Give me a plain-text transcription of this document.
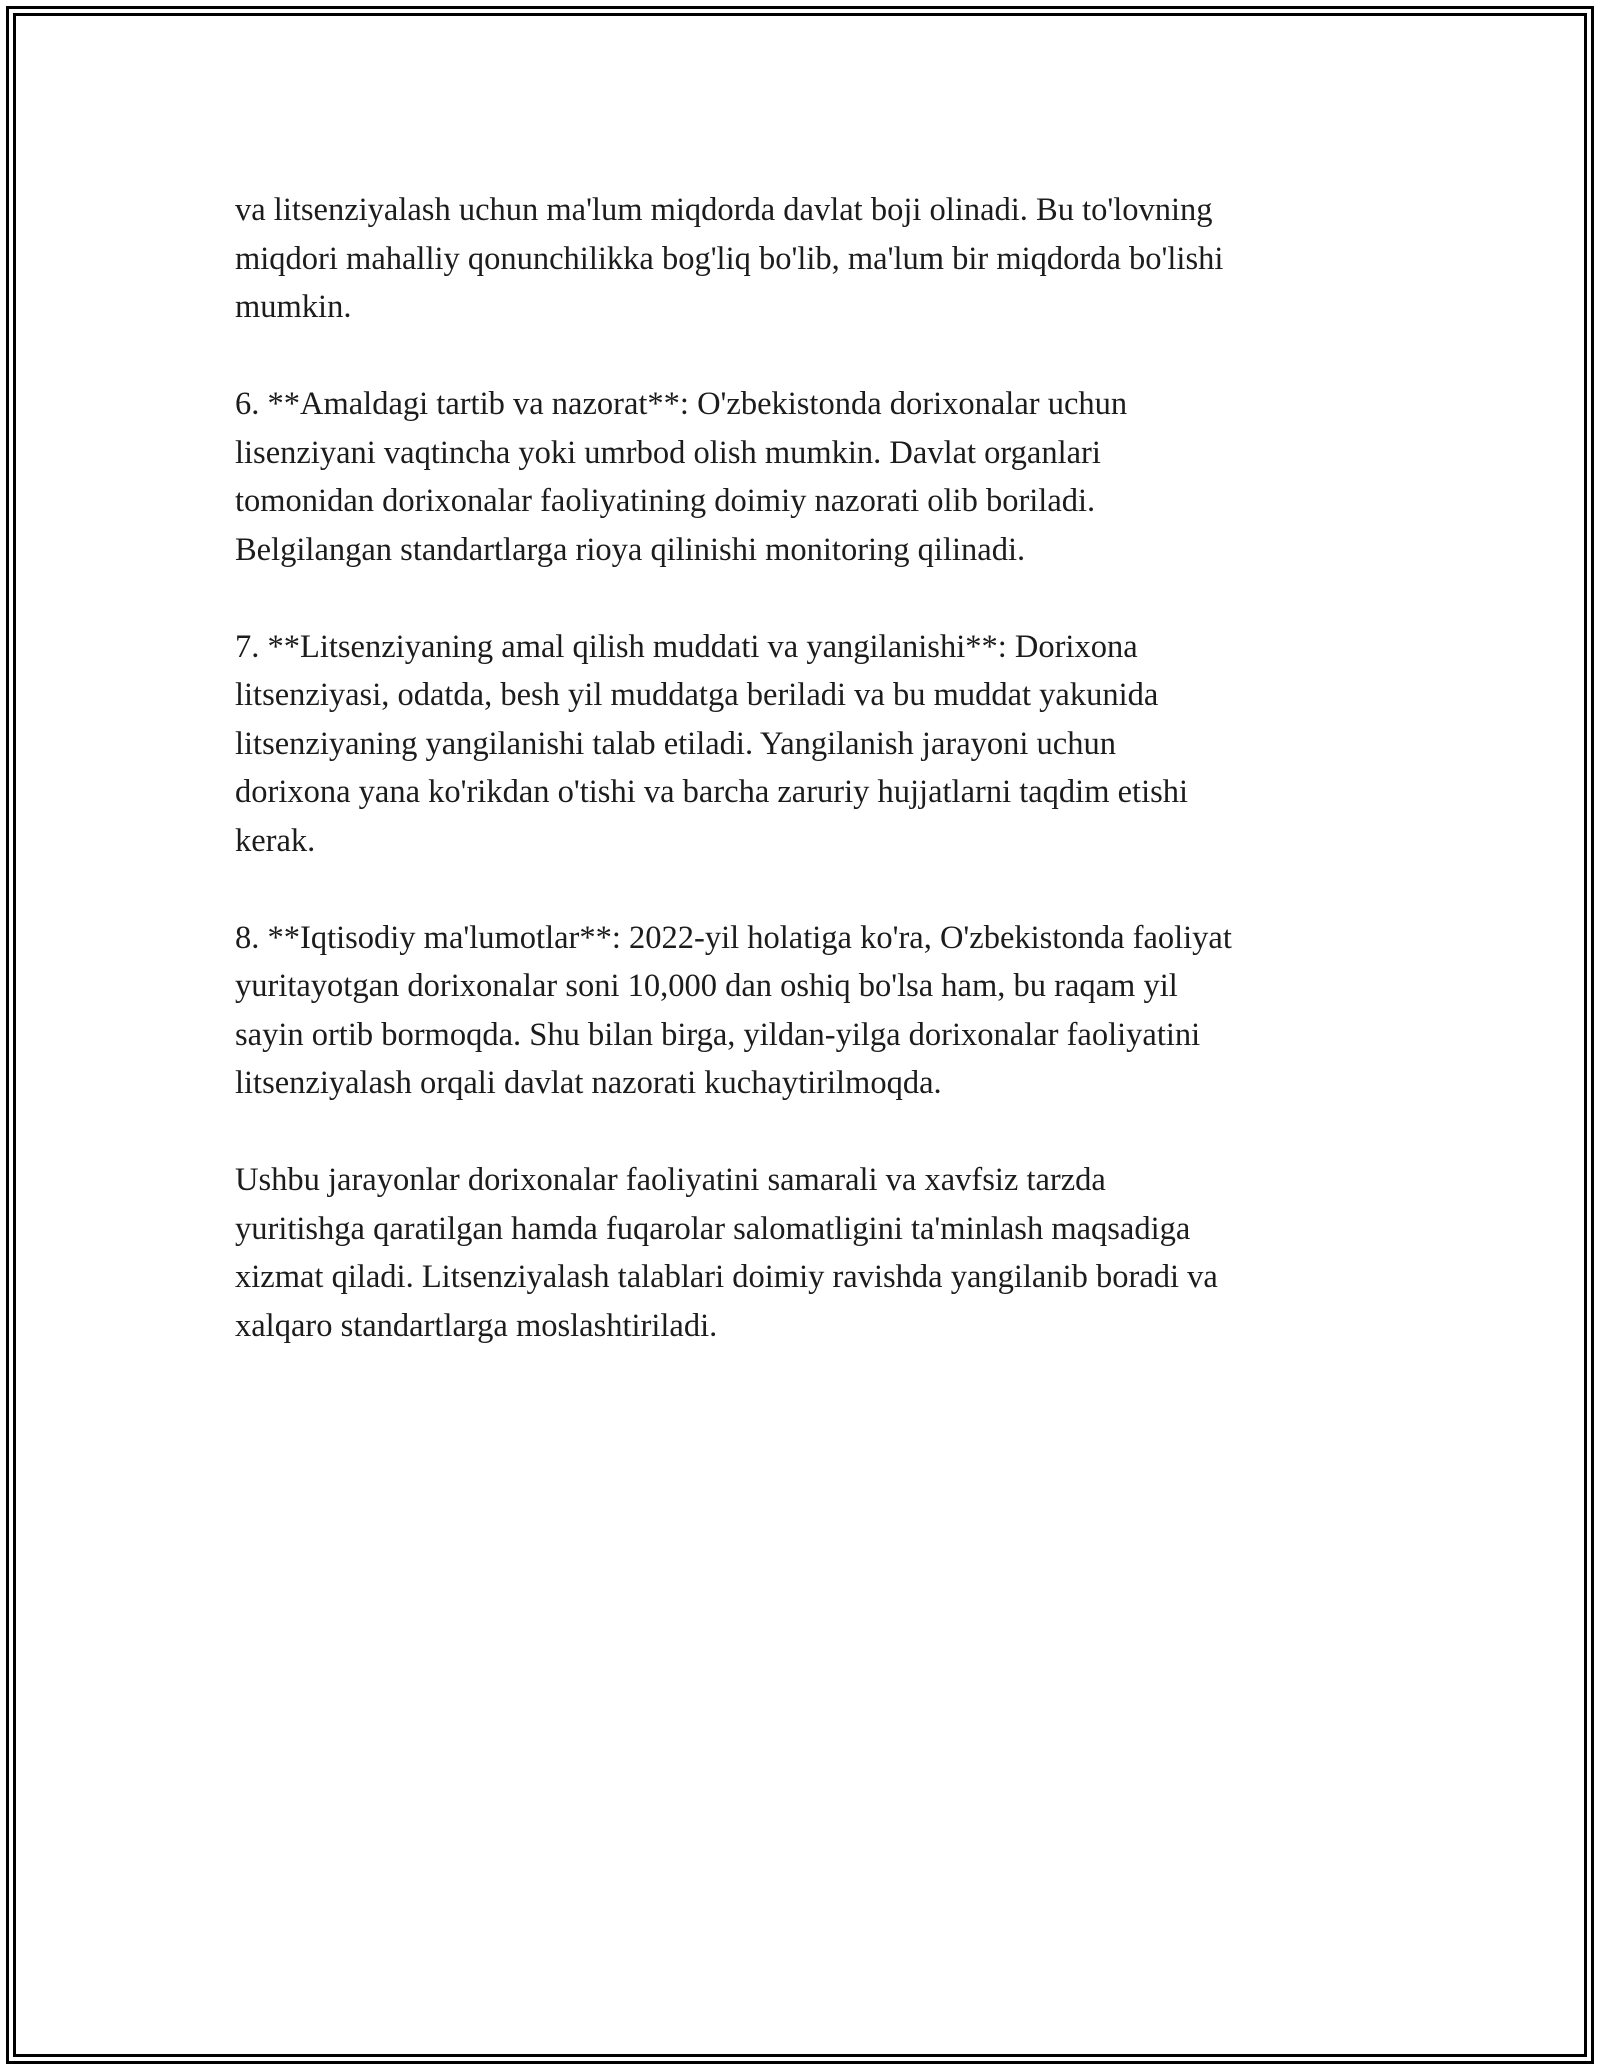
va litsenziyalash uchun ma'lum miqdorda davlat boji olinadi. Bu to'lovning
miqdori mahalliy qonunchilikka bog'liq bo'lib, ma'lum bir miqdorda bo'lishi
mumkin.

6. **Amaldagi tartib va nazorat**: O'zbekistonda dorixonalar uchun
lisenziyani vaqtincha yoki umrbod olish mumkin. Davlat organlari
tomonidan dorixonalar faoliyatining doimiy nazorati olib boriladi.
Belgilangan standartlarga rioya qilinishi monitoring qilinadi.

7. **Litsenziyaning amal qilish muddati va yangilanishi**: Dorixona
litsenziyasi, odatda, besh yil muddatga beriladi va bu muddat yakunida
litsenziyaning yangilanishi talab etiladi. Yangilanish jarayoni uchun
dorixona yana ko'rikdan o'tishi va barcha zaruriy hujjatlarni taqdim etishi
kerak.

8. **Iqtisodiy ma'lumotlar**: 2022-yil holatiga ko'ra, O'zbekistonda faoliyat
yuritayotgan dorixonalar soni 10,000 dan oshiq bo'lsa ham, bu raqam yil
sayin ortib bormoqda. Shu bilan birga, yildan-yilga dorixonalar faoliyatini
litsenziyalash orqali davlat nazorati kuchaytirilmoqda.

Ushbu jarayonlar dorixonalar faoliyatini samarali va xavfsiz tarzda
yuritishga qaratilgan hamda fuqarolar salomatligini ta'minlash maqsadiga
xizmat qiladi. Litsenziyalash talablari doimiy ravishda yangilanib boradi va
xalqaro standartlarga moslashtiriladi.
